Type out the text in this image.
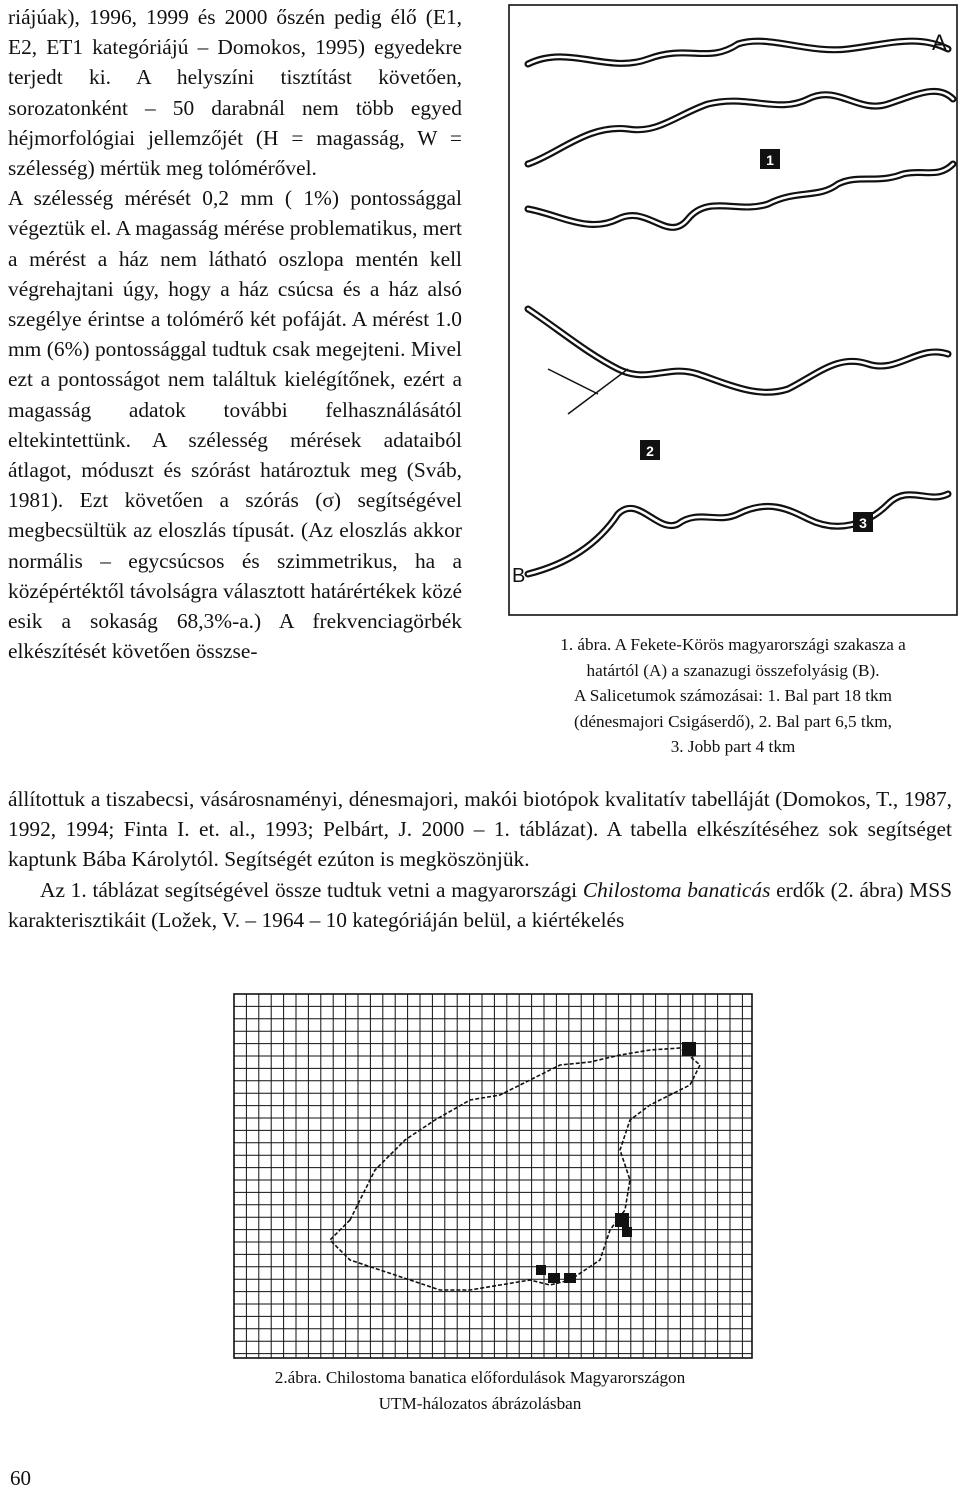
riájúak), 1996, 1999 és 2000 őszén pedig élő (E1, E2, ET1 kategóriájú – Domokos, 1995) egyedekre terjedt ki. A helyszíni tisztítást követően, sorozatonként – 50 darabnál nem több egyed héjmorfológiai jellemzőjét (H = magasság, W = szélesség) mértük meg tolómérővel.

A szélesség mérését 0,2 mm ( 1%) pontossággal végeztük el. A magasság mérése problematikus, mert a mérést a ház nem látható oszlopa mentén kell végrehajtani úgy, hogy a ház csúcsa és a ház alsó szegélye érintse a tolómérő két pofáját. A mérést 1.0 mm (6%) pontossággal tudtuk csak megejteni. Mivel ezt a pontosságot nem találtuk kielégítőnek, ezért a magasság adatok további felhasználásától eltekintettünk. A szélesség mérések adataiból átlagot, móduszt és szórást határoztuk meg (Sváb, 1981). Ezt követően a szórás (σ) segítségével megbecsültük az eloszlás típusát. (Az eloszlás akkor normális – egycsúcsos és szimmetrikus, ha a középértéktől távolságra választott határértékek közé esik a sokaság 68,3%-a.) A frekvenciagörbék elkészítését követően összse-

A
B
1
2
3
1. ábra. A Fekete-Körös magyarországi szakasza a
határtól (A) a szanazugi összefolyásig (B).
A Salicetumok számozásai: 1. Bal part 18 tkm
(dénesmajori Csigáserdő), 2. Bal part 6,5 tkm,
3. Jobb part 4 tkm

állítottuk a tiszabecsi, vásárosnaményi, dénesmajori, makói biotópok kvalitatív tabelláját (Domokos, T., 1987, 1992, 1994; Finta I. et. al., 1993; Pelbárt, J. 2000 – 1. táblázat). A tabella elkészítéséhez sok segítséget kaptunk Bába Károlytól. Segítségét ezúton is megköszönjük.

Az 1. táblázat segítségével össze tudtuk vetni a magyarországi Chilostoma banaticás erdők (2. ábra) MSS karakterisztikáit (Ložek, V. – 1964 – 10 kategóriáján belül, a kiértékelés

2.ábra. Chilostoma banatica előfordulások Magyarországon
UTM-hálozatos ábrázolásban
60
